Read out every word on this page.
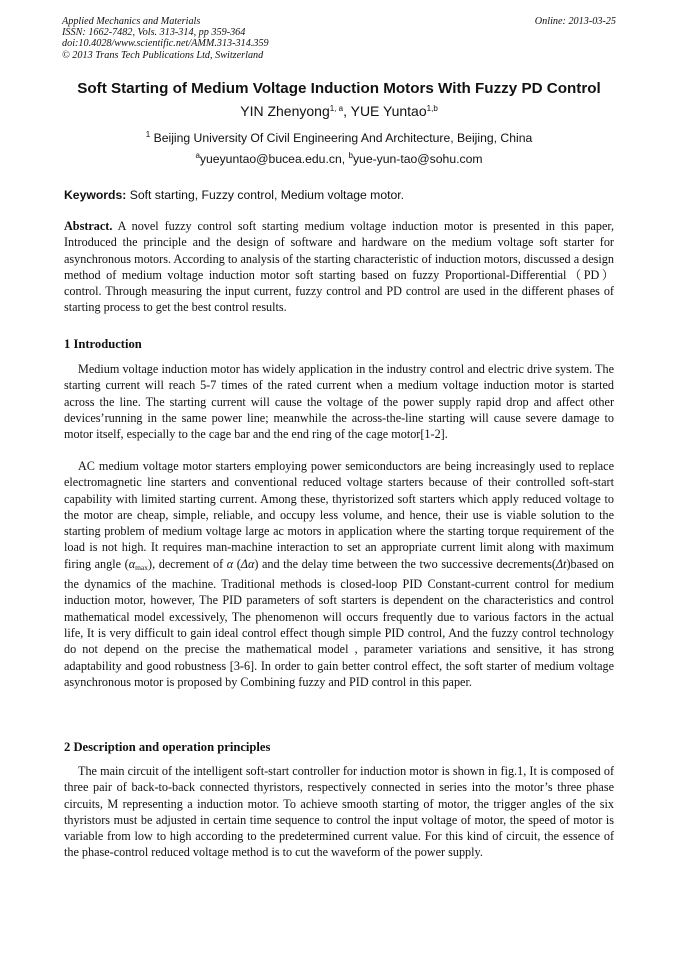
Applied Mechanics and Materials
ISSN: 1662-7482, Vols. 313-314, pp 359-364
doi:10.4028/www.scientific.net/AMM.313-314.359
© 2013 Trans Tech Publications Ltd, Switzerland
Online: 2013-03-25
Soft Starting of Medium Voltage Induction Motors With Fuzzy PD Control
YIN Zhenyong$^{1, a}$, YUE Yuntao$^{1,b}$
$^1$ Beijing University Of Civil Engineering And Architecture, Beijing, China
$^a$yueyuntao@bucea.edu.cn, $^b$yue-yun-tao@sohu.com
Keywords: Soft starting, Fuzzy control, Medium voltage motor.
Abstract. A novel fuzzy control soft starting medium voltage induction motor is presented in this paper, Introduced the principle and the design of software and hardware on the medium voltage soft starter for asynchronous motors. According to analysis of the starting characteristic of induction motors, discussed a design method of medium voltage induction motor soft starting based on fuzzy Proportional-Differential（PD）control. Through measuring the input current, fuzzy control and PD control are used in the different phases of starting process to get the best control results.
1 Introduction
Medium voltage induction motor has widely application in the industry control and electric drive system. The starting current will reach 5-7 times of the rated current when a medium voltage induction motor is started across the line. The starting current will cause the voltage of the power supply rapid drop and affect other devices’running in the same power line; meanwhile the across-the-line starting will cause severe damage to motor itself, especially to the cage bar and the end ring of the cage motor[1-2].
AC medium voltage motor starters employing power semiconductors are being increasingly used to replace electromagnetic line starters and conventional reduced voltage starters because of their controlled soft-start capability with limited starting current. Among these, thyristorized soft starters which apply reduced voltage to the motor are cheap, simple, reliable, and occupy less volume, and hence, their use is viable solution to the starting problem of medium voltage large ac motors in application where the starting torque requirement of the load is not high. It requires man-machine interaction to set an appropriate current limit along with maximum firing angle $(\alpha_{max})$, decrement of α (Δα) and the delay time between the two successive decrements(Δt)based on the dynamics of the machine. Traditional methods is closed-loop PID Constant-current control for medium induction motor, however, The PID parameters of soft starters is dependent on the characteristics and control mathematical model excessively, The phenomenon will occurs frequently due to various factors in the actual life, It is very difficult to gain ideal control effect though simple PID control, And the fuzzy control technology do not depend on the precise the mathematical model , parameter variations and sensitive, it has strong adaptability and good robustness [3-6]. In order to gain better control effect, the soft starter of medium voltage asynchronous motor is proposed by Combining fuzzy and PID control in this paper.
2 Description and operation principles
The main circuit of the intelligent soft-start controller for induction motor is shown in fig.1, It is composed of three pair of back-to-back connected thyristors, respectively connected in series into the motor’s three phase circuits, M representing a induction motor. To achieve smooth starting of motor, the trigger angles of the six thyristors must be adjusted in certain time sequence to control the input voltage of motor, the speed of motor is variable from low to high according to the predetermined current value. For this kind of circuit, the essence of the phase-control reduced voltage method is to cut the waveform of the power supply.
